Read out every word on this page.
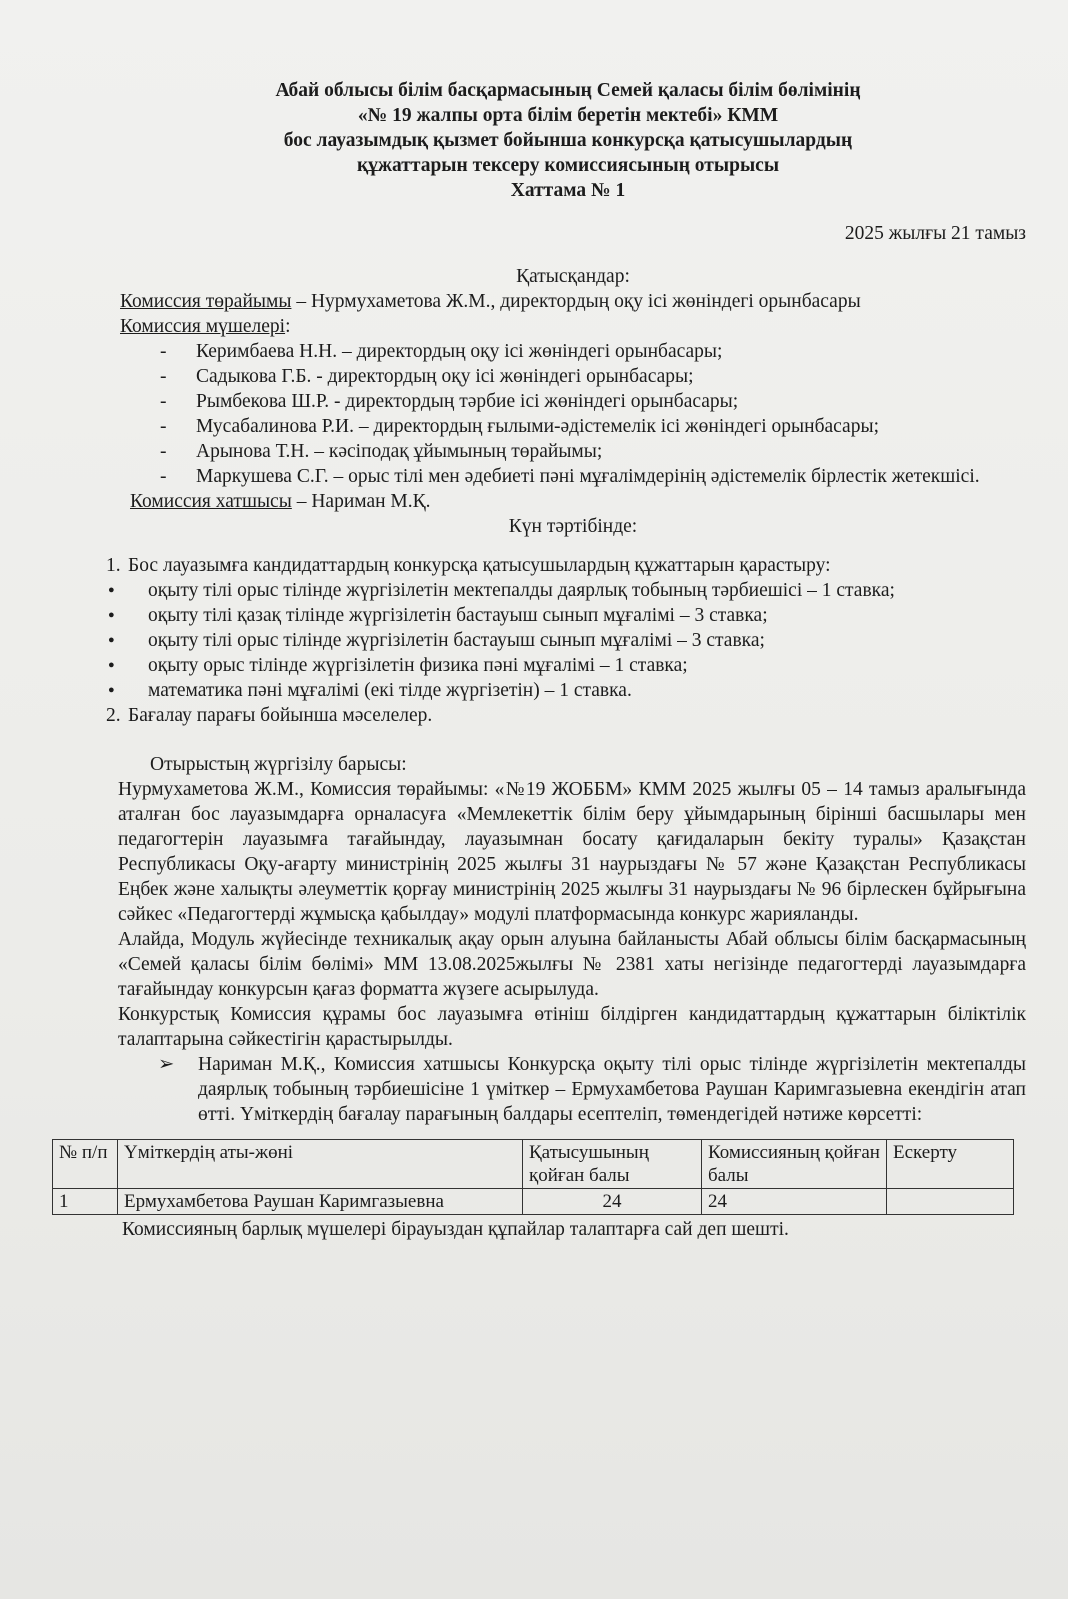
Абай облысы білім басқармасының Семей қаласы білім бөлімінің
«№ 19 жалпы орта білім беретін мектебі» КММ
бос лауазымдық қызмет бойынша конкурсқа қатысушылардың
құжаттарын тексеру комиссиясының отырысы
Хаттама № 1
2025 жылғы 21 тамыз
Қатысқандар:
Комиссия төрайымы – Нурмухаметова Ж.М., директордың оқу ісі жөніндегі орынбасары
Комиссия мүшелері:
- Керимбаева Н.Н. – директордың оқу ісі жөніндегі орынбасары;
- Садыкова Г.Б. - директордың оқу ісі жөніндегі орынбасары;
- Рымбекова Ш.Р. - директордың тәрбие ісі жөніндегі орынбасары;
- Мусабалинова Р.И. – директордың ғылыми-әдістемелік ісі жөніндегі орынбасары;
- Арынова Т.Н. – кәсіподақ ұйымының төрайымы;
- Маркушева С.Г. – орыс тілі мен әдебиеті пәні мұғалімдерінің әдістемелік бірлестік жетекшісі.
Комиссия хатшысы – Нариман М.Қ.
Күн тәртібінде:
1. Бос лауазымға кандидаттардың конкурсқа қатысушылардың құжаттарын қарастыру:
● оқыту тілі орыс тілінде жүргізілетін мектепалды даярлық тобының тәрбиешісі – 1 ставка;
● оқыту тілі қазақ тілінде жүргізілетін бастауыш сынып мұғалімі – 3 ставка;
● оқыту тілі орыс тілінде жүргізілетін бастауыш сынып мұғалімі – 3 ставка;
● оқыту орыс тілінде жүргізілетін физика пәні мұғалімі – 1 ставка;
● математика пәні мұғалімі (екі тілде жүргізетін) – 1 ставка.
2. Бағалау парағы бойынша мәселелер.
Отырыстың жүргізілу барысы:
Нурмухаметова Ж.М., Комиссия төрайымы: «№19 ЖОББМ» КММ 2025 жылғы 05 – 14 тамыз аралығында аталған бос лауазымдарға орналасуға «Мемлекеттік білім беру ұйымдарының бірінші басшылары мен педагогтерін лауазымға тағайындау, лауазымнан босату қағидаларын бекіту туралы» Қазақстан Республикасы Оқу-ағарту министрінің 2025 жылғы 31 наурыздағы № 57 және Қазақстан Республикасы Еңбек және халықты әлеуметтік қорғау министрінің 2025 жылғы 31 наурыздағы № 96 бірлескен бұйрығына сәйкес «Педагогтерді жұмысқа қабылдау» модулі платформасында конкурс жарияланды.
Алайда, Модуль жүйесінде техникалық ақау орын алуына байланысты Абай облысы білім басқармасының «Семей қаласы білім бөлімі» ММ 13.08.2025жылғы № 2381 хаты негізінде педагогтерді лауазымдарға тағайындау конкурсын қағаз форматта жүзеге асырылуда.
Конкурстық Комиссия құрамы бос лауазымға өтініш білдірген кандидаттардың құжаттарын біліктілік талаптарына сәйкестігін қарастырылды.
➢ Нариман М.Қ., Комиссия хатшысы Конкурсқа оқыту тілі орыс тілінде жүргізілетін мектепалды даярлық тобының тәрбиешісіне 1 үміткер – Ермухамбетова Раушан Каримгазыевна екендігін атап өтті. Үміткердің бағалау парағының балдары есептеліп, төмендегідей нәтиже көрсетті:
№ п/п	Үміткердің аты-жөні	Қатысушының қойған балы	Комиссияның қойған балы	Ескерту
1	Ермухамбетова Раушан Каримгазыевна	24	24	
Комиссияның барлық мүшелері бірауыздан құпайлар талаптарға сай деп шешті.
